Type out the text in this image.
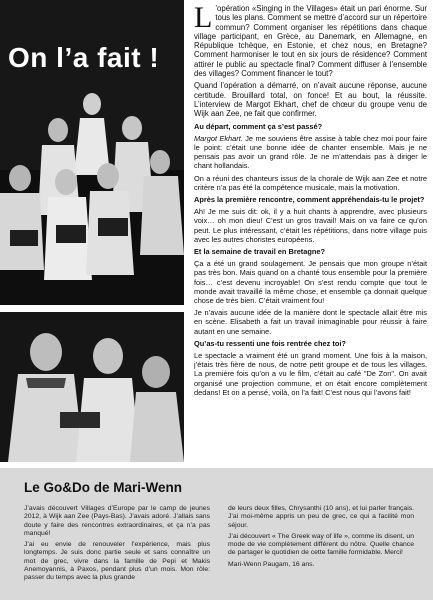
On l’a fait !

L ’opération «Singing in the Villages» était un pari énorme. Sur tous les plans. Comment se mettre d’accord sur un répertoire commun? Comment organiser les répétitions dans chaque village participant, en Grèce, au Danemark, en Allemagne, en République tchèque, en Estonie, et chez nous, en Bretagne? Comment harmoniser le tout en six jours de résidence? Comment attirer le public au spectacle final? Comment diffuser à l’ensemble des villages? Comment financer le tout?

Quand l’opération a démarré, on n’avait aucune réponse, aucune certitude. Brouillard total, on fonce! Et au bout, la réussite. L’interview de Margot Ekhart, chef de chœur du groupe venu de Wijk aan Zee, ne fait que confirmer.

Au départ, comment ça s’est passé?

Margot Ekhart. Je me souviens être assise à table chez moi pour faire le point: c’était une bonne idée de chanter ensemble. Mais je ne pensais pas avoir un grand rôle. Je ne m’attendais pas à diriger le chant hollandais.

On a réuni des chanteurs issus de la chorale de Wijk aan Zee et notre critère n’a pas été la compétence musicale, mais la motivation.

Après la première rencontre, comment appréhendais-tu le projet?

Ah! Je me suis dit: ok, il y a huit chants à apprendre, avec plusieurs voix… oh mon dieu! C’est un gros travail! Mais on va faire ce qu’on peut. Le plus intéressant, c’était les répétitions, dans notre village puis avec les autres choristes européens.

Et la semaine de travail en Bretagne?

Ça a été un grand soulagement. Je pensais que mon groupe n’était pas très bon. Mais quand on a chanté tous ensemble pour la première fois… c’est devenu incroyable! On s’est rendu compte que tout le monde avait travaillé la même chose, et ensemble ça donnait quelque chose de très bien. C’était vraiment fou!

Je n’avais aucune idée de la manière dont le spectacle allait être mis en scène. Elisabeth a fait un travail inimaginable pour réussir à faire autant en une semaine.

Qu’as-tu ressenti une fois rentrée chez toi?

Le spectacle a vraiment été un grand moment. Une fois à la maison, j’étais très fière de nous, de notre petit groupe et de tous les villages. La première fois qu’on a vu le film, c’était au café "De Zon". On avait organisé une projection commune, et on était encore complètement dedans! Et on a pensé, voilà, on l’a fait! C’est nous qui l’avons fait!

Le Go&Do de Mari-Wenn

J’avais découvert Villages d’Europe par le camp de jeunes 2012, à Wijk aan Zee (Pays-Bas). J’avais adoré. J’allais sans doute y faire des rencontres extraordinaires, et ça n’a pas manqué!

J’ai eu envie de renouveler l’expérience, mais plus longtemps. Je suis donc partie seule et sans connaître un mot de grec, vivre dans la famille de Pepi et Makis Anemoyannis, à Paxos, pendant plus d’un mois. Mon rôle: passer du temps avec la plus grande

de leurs deux filles, Chrysanthi (10 ans), et lui parler français. J’ai moi-même appris un peu de grec, ce qui a facilité mon séjour.

J’ai découvert « The Greek way of life », comme ils disent, un mode de vie complètement différent du nôtre. Quelle chance de partager le quotidien de cette famille formidable. Merci!

Mari-Wenn Paugam, 16 ans.
